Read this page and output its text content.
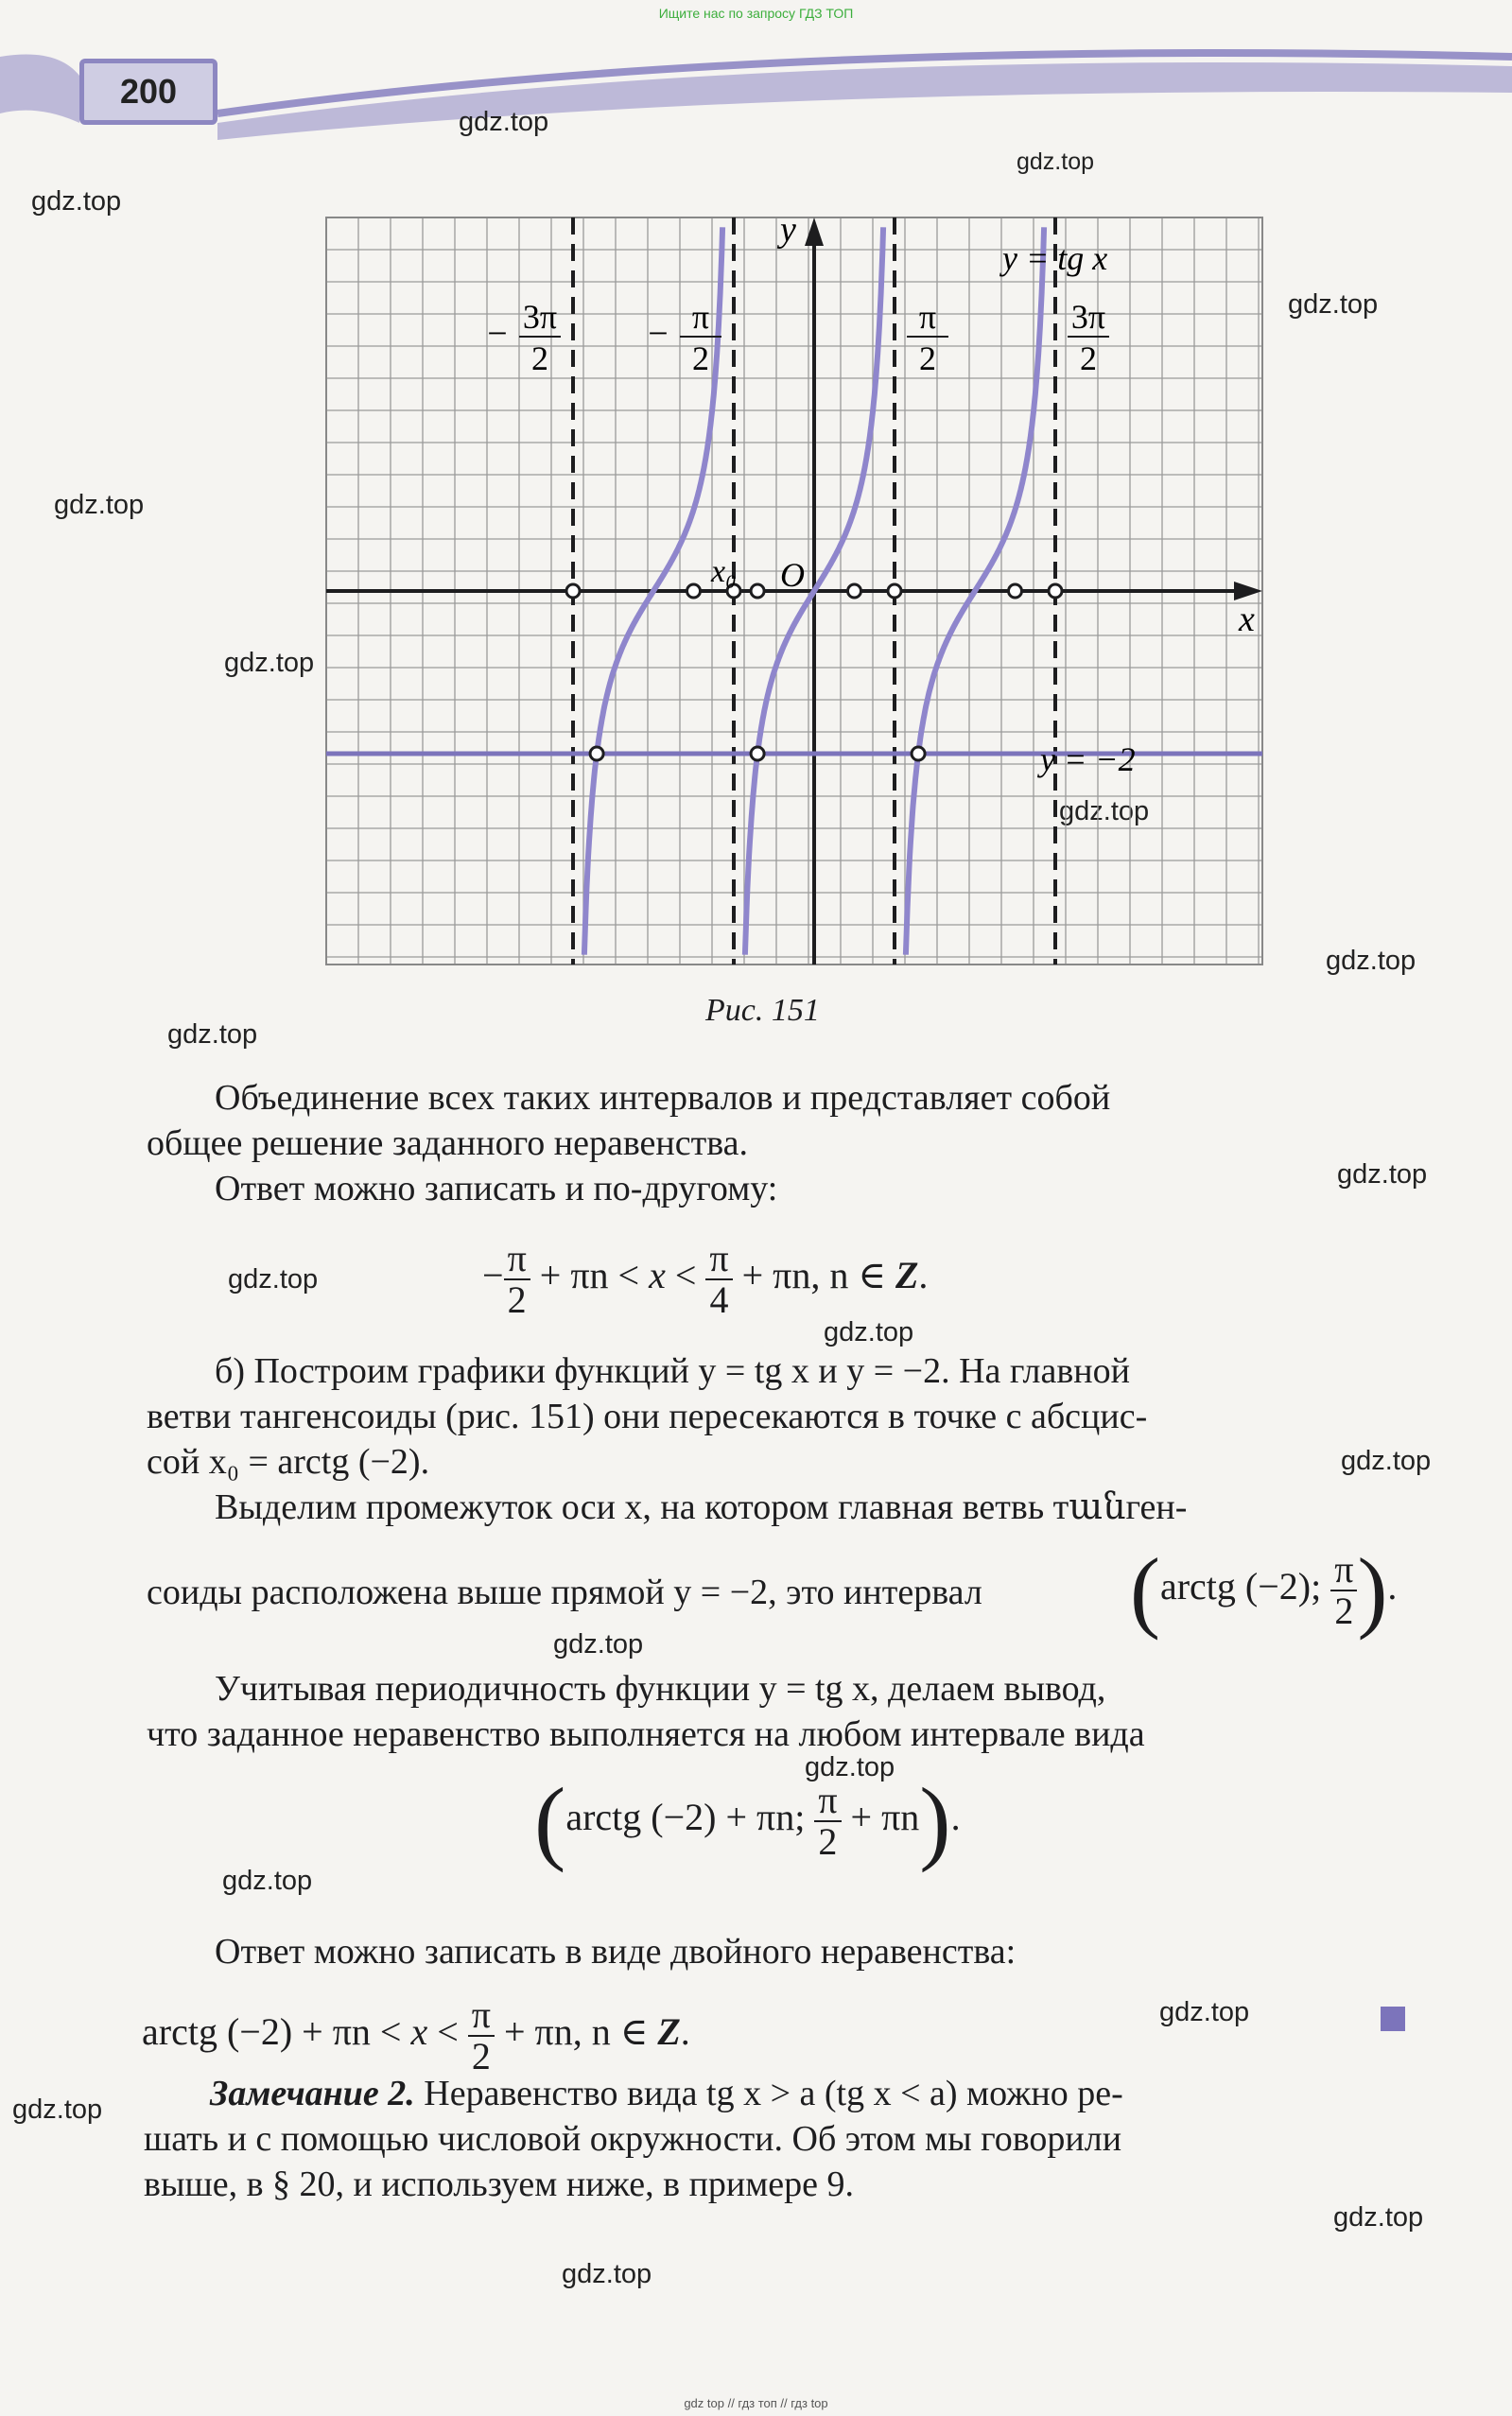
Ищите нас по запросу ГДЗ ТОП
gdz top // гдз топ // гдз top
200
gdz.top
gdz.top
gdz.top
gdz.top
gdz.top
gdz.top
gdz.top
gdz.top
gdz.top
gdz.top
gdz.top
gdz.top
gdz.top
gdz.top
gdz.top
gdz.top
gdz.top
gdz.top
gdz.top
gdz.top
y
x
O
x₀
y = tg x
y = −2
− 3π
2
− π
2
π
2
3π
2
Рис. 151
Объединение всех таких интервалов и представляет собой
общее решение заданного неравенства.
Ответ можно записать и по-другому:
− $\frac{\pi}{2} + \pi n < x < \frac{\pi}{4} + \pi n$, n ∈ Z.
б) Построим графики функций y = tg x и y = −2. На главной
ветви тангенсоиды (рис. 151) они пересекаются в точке с абсцис-
сой x₀ = arctg (−2).
Выделим промежуток оси x, на котором главная ветвь тանген-
соиды расположена выше прямой y = −2, это интервал (arctg (−2); $\frac{\pi}{2}$ ).
Учитывая периодичность функции y = tg x, делаем вывод,
что заданное неравенство выполняется на любом интервале вида
(arctg (−2) + πn; $\frac{\pi}{2} + \pi n$).
Ответ можно записать в виде двойного неравенства:
arctg $(-2) + \pi n < x < \frac{\pi}{2} + \pi n$, n ∈ Z.
Замечание 2. Неравенство вида tg x > a (tg x < a) можно ре-
шать и с помощью числовой окружности. Об этом мы говорили
выше, в § 20, и используем ниже, в примере 9.
